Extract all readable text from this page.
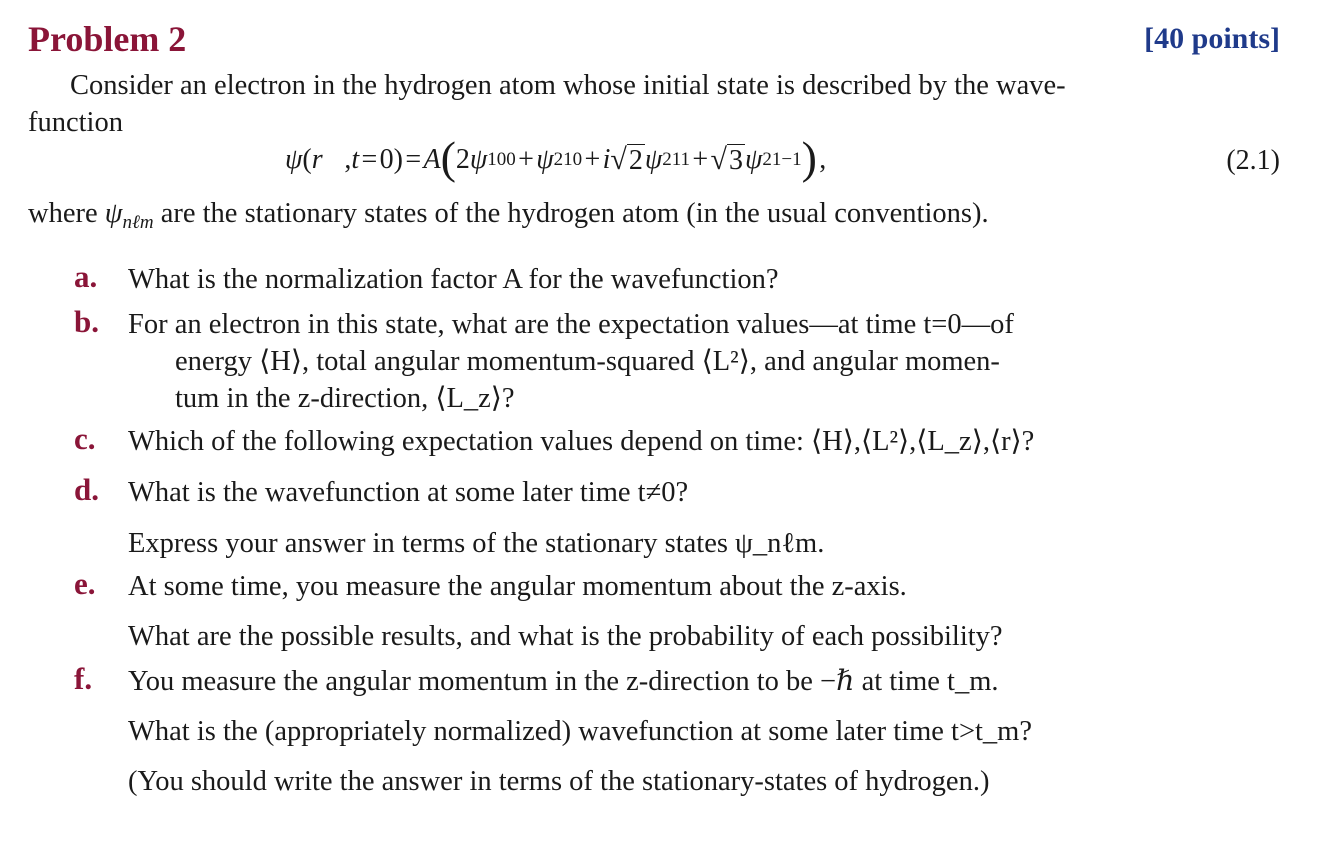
Problem 2	[40 points]
Consider an electron in the hydrogen atom whose initial state is described by the wave-
function
ψ ( r⃗ , t  = 0) =  A ( 2 ψ 100  +  ψ 210  +  i √2 ψ 211  +  √3 ψ 21−1 )  ,	(2.1)
where $\psi_{n\ell m}$ are the stationary states of the hydrogen atom (in the usual conventions).
a. What is the normalization factor A for the wavefunction?
b. For an electron in this state, what are the expectation values—at time t=0—of
energy ⟨H⟩, total angular momentum-squared ⟨L²⟩, and angular momen-
tum in the z-direction, ⟨L_z⟩?
c. Which of the following expectation values depend on time: ⟨H⟩,⟨L²⟩,⟨L_z⟩,⟨r⟩?
d. What is the wavefunction at some later time t≠0?
Express your answer in terms of the stationary states ψ_nℓm.
e. At some time, you measure the angular momentum about the z-axis.
What are the possible results, and what is the probability of each possibility?
f. You measure the angular momentum in the z-direction to be −ℏ at time t_m.
What is the (appropriately normalized) wavefunction at some later time t>t_m?
(You should write the answer in terms of the stationary-states of hydrogen.)
